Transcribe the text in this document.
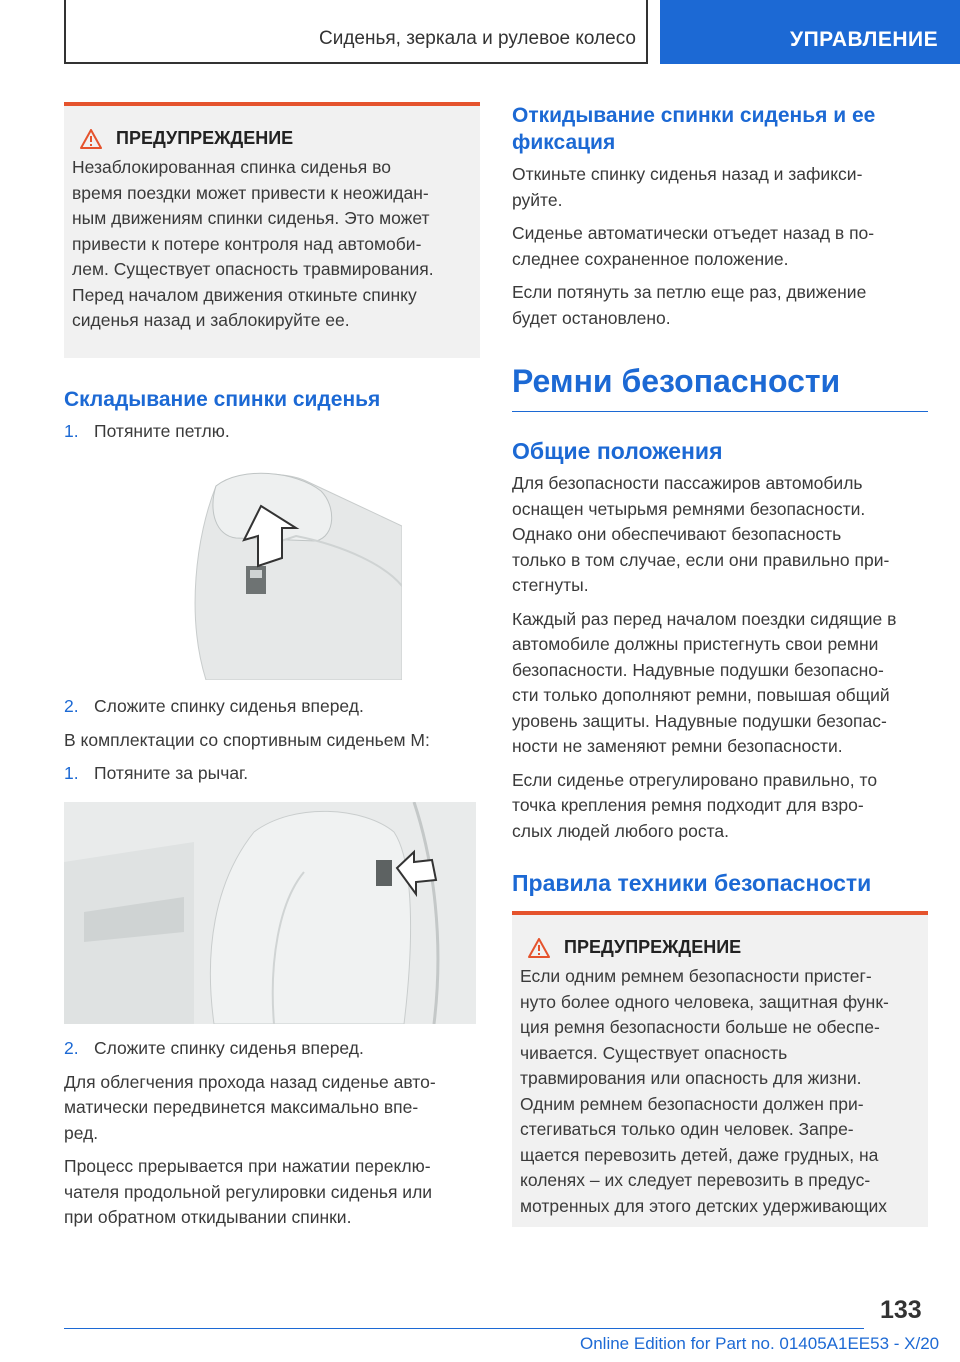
Сиденья, зеркала и рулевое колесо	УПРАВЛЕНИЕ
ПРЕДУПРЕЖДЕНИЕ

Незаблокированная спинка сиденья во
время поездки может привести к неожидан-
ным движениям спинки сиденья. Это может
привести к потере контроля над автомоби-
лем. Существует опасность травмирования.
Перед началом движения откиньте спинку
сиденья назад и заблокируйте ее.

Складывание спинки сиденья
1. Потяните петлю.
2. Сложите спинку сиденья вперед.

В комплектации со спортивным сиденьем M:

1. Потяните за рычаг.
2. Сложите спинку сиденья вперед.

Для облегчения прохода назад сиденье авто-
матически передвинется максимально впе-
ред.

Процесс прерывается при нажатии переклю-
чателя продольной регулировки сиденья или
при обратном откидывании спинки.

Откидывание спинки сиденья и ее
фиксация

Откиньте спинку сиденья назад и зафикси-
руйте.

Сиденье автоматически отъедет назад в по-
следнее сохраненное положение.

Если потянуть за петлю еще раз, движение
будет остановлено.

Ремни безопасности
Общие положения

Для безопасности пассажиров автомобиль
оснащен четырьмя ремнями безопасности.
Однако они обеспечивают безопасность
только в том случае, если они правильно при-
стегнуты.

Каждый раз перед началом поездки сидящие в
автомобиле должны пристегнуть свои ремни
безопасности. Надувные подушки безопасно-
сти только дополняют ремни, повышая общий
уровень защиты. Надувные подушки безопас-
ности не заменяют ремни безопасности.

Если сиденье отрегулировано правильно, то
точка крепления ремня подходит для взро-
слых людей любого роста.

Правила техники безопасности
ПРЕДУПРЕЖДЕНИЕ

Если одним ремнем безопасности пристег-
нуто более одного человека, защитная функ-
ция ремня безопасности больше не обеспе-
чивается. Существует опасность
травмирования или опасность для жизни.
Одним ремнем безопасности должен при-
стегиваться только один человек. Запре-
щается перевозить детей, даже грудных, на
коленях – их следует перевозить в предус-
мотренных для этого детских удерживающих

133
Online Edition for Part no. 01405A1EE53 - X/20
